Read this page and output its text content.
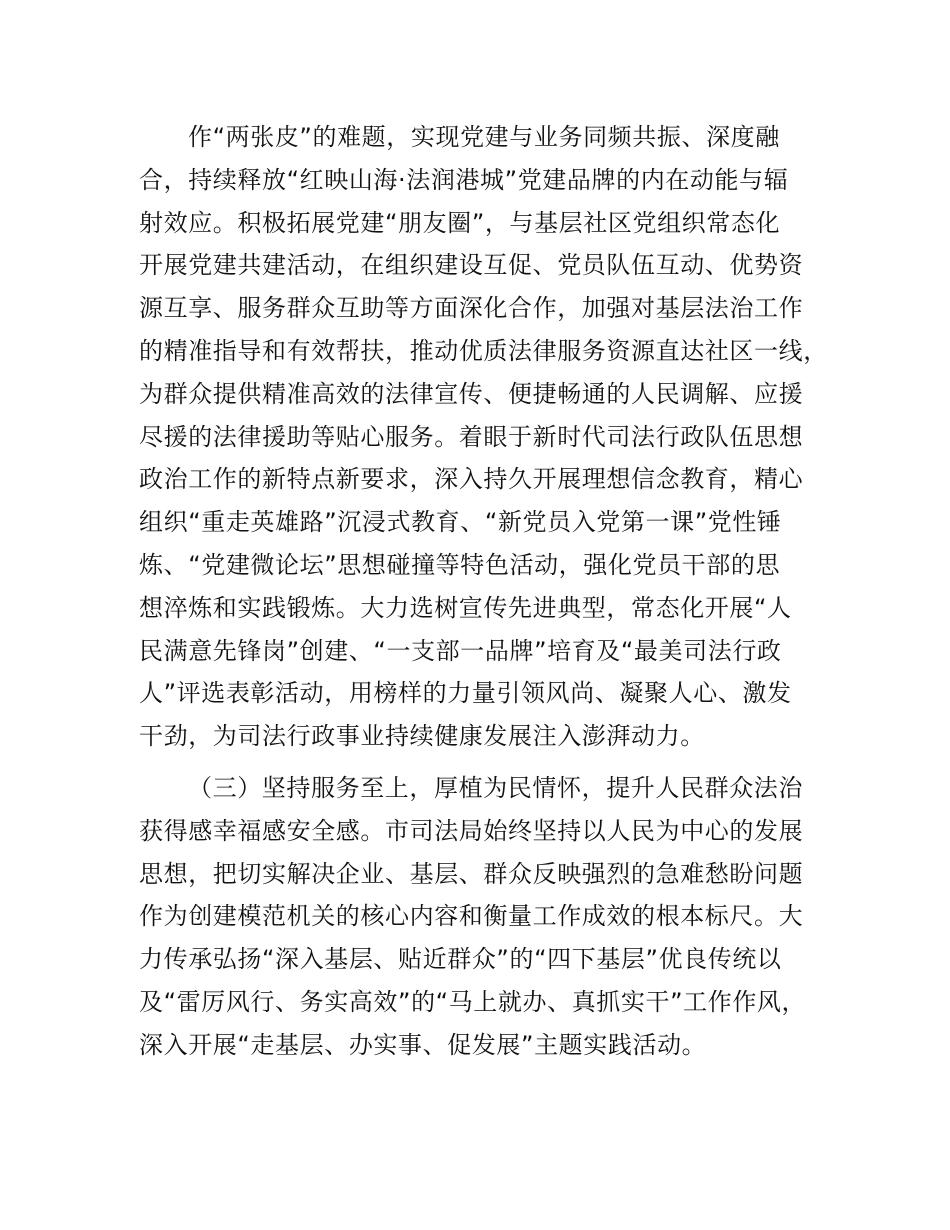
作“两张皮”的难题，实现党建与业务同频共振、深度融
合，持续释放“红映山海·法润港城”党建品牌的内在动能与辐
射效应。积极拓展党建“朋友圈”，与基层社区党组织常态化
开展党建共建活动，在组织建设互促、党员队伍互动、优势资
源互享、服务群众互助等方面深化合作，加强对基层法治工作
的精准指导和有效帮扶，推动优质法律服务资源直达社区一线，
为群众提供精准高效的法律宣传、便捷畅通的人民调解、应援
尽援的法律援助等贴心服务。着眼于新时代司法行政队伍思想
政治工作的新特点新要求，深入持久开展理想信念教育，精心
组织“重走英雄路”沉浸式教育、“新党员入党第一课”党性锤
炼、“党建微论坛”思想碰撞等特色活动，强化党员干部的思
想淬炼和实践锻炼。大力选树宣传先进典型，常态化开展“人
民满意先锋岗”创建、“一支部一品牌”培育及“最美司法行政
人”评选表彰活动，用榜样的力量引领风尚、凝聚人心、激发
干劲，为司法行政事业持续健康发展注入澎湃动力。
（三）坚持服务至上，厚植为民情怀，提升人民群众法治
获得感幸福感安全感。市司法局始终坚持以人民为中心的发展
思想，把切实解决企业、基层、群众反映强烈的急难愁盼问题
作为创建模范机关的核心内容和衡量工作成效的根本标尺。大
力传承弘扬“深入基层、贴近群众”的“四下基层”优良传统以
及“雷厉风行、务实高效”的“马上就办、真抓实干”工作作风，
深入开展“走基层、办实事、促发展”主题实践活动。
